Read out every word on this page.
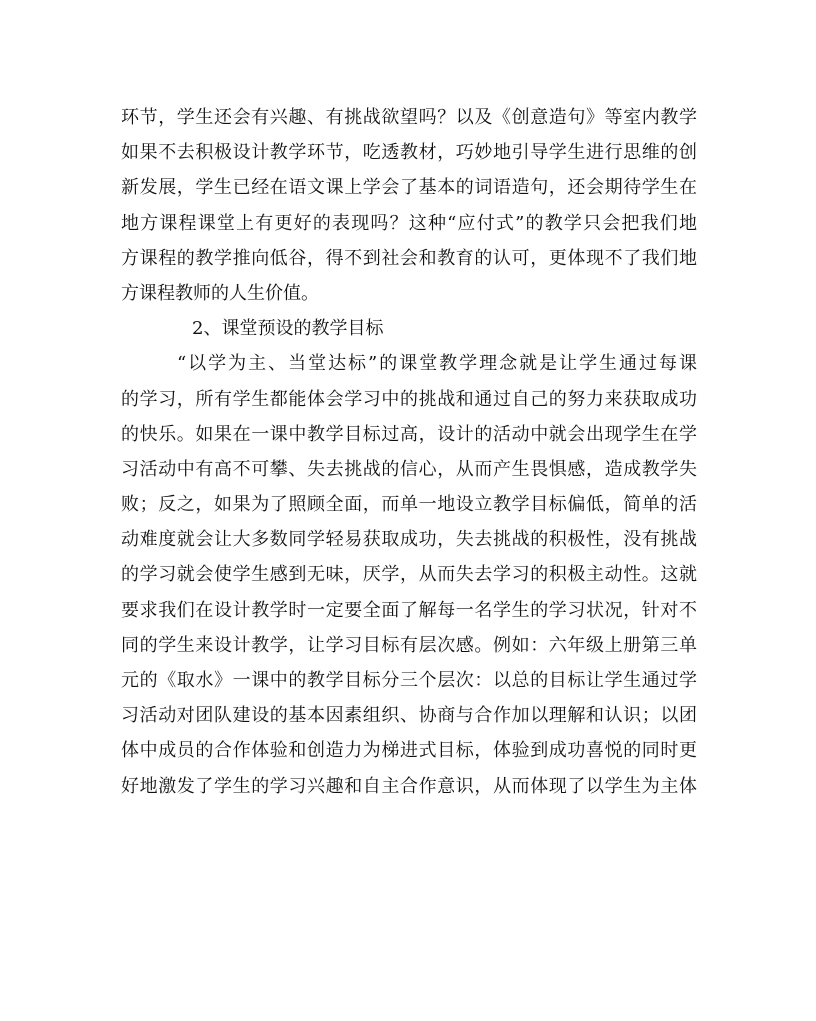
环节，学生还会有兴趣、有挑战欲望吗？以及《创意造句》等室内教学
如果不去积极设计教学环节，吃透教材，巧妙地引导学生进行思维的创
新发展，学生已经在语文课上学会了基本的词语造句，还会期待学生在
地方课程课堂上有更好的表现吗？这种“应付式”的教学只会把我们地
方课程的教学推向低谷，得不到社会和教育的认可，更体现不了我们地
方课程教师的人生价值。
2、课堂预设的教学目标
“以学为主、当堂达标”的课堂教学理念就是让学生通过每课
的学习，所有学生都能体会学习中的挑战和通过自己的努力来获取成功
的快乐。如果在一课中教学目标过高，设计的活动中就会出现学生在学
习活动中有高不可攀、失去挑战的信心，从而产生畏惧感，造成教学失
败；反之，如果为了照顾全面，而单一地设立教学目标偏低，简单的活
动难度就会让大多数同学轻易获取成功，失去挑战的积极性，没有挑战
的学习就会使学生感到无味，厌学，从而失去学习的积极主动性。这就
要求我们在设计教学时一定要全面了解每一名学生的学习状况，针对不
同的学生来设计教学，让学习目标有层次感。例如：六年级上册第三单
元的《取水》一课中的教学目标分三个层次：以总的目标让学生通过学
习活动对团队建设的基本因素组织、协商与合作加以理解和认识；以团
体中成员的合作体验和创造力为梯进式目标，体验到成功喜悦的同时更
好地激发了学生的学习兴趣和自主合作意识，从而体现了以学生为主体
